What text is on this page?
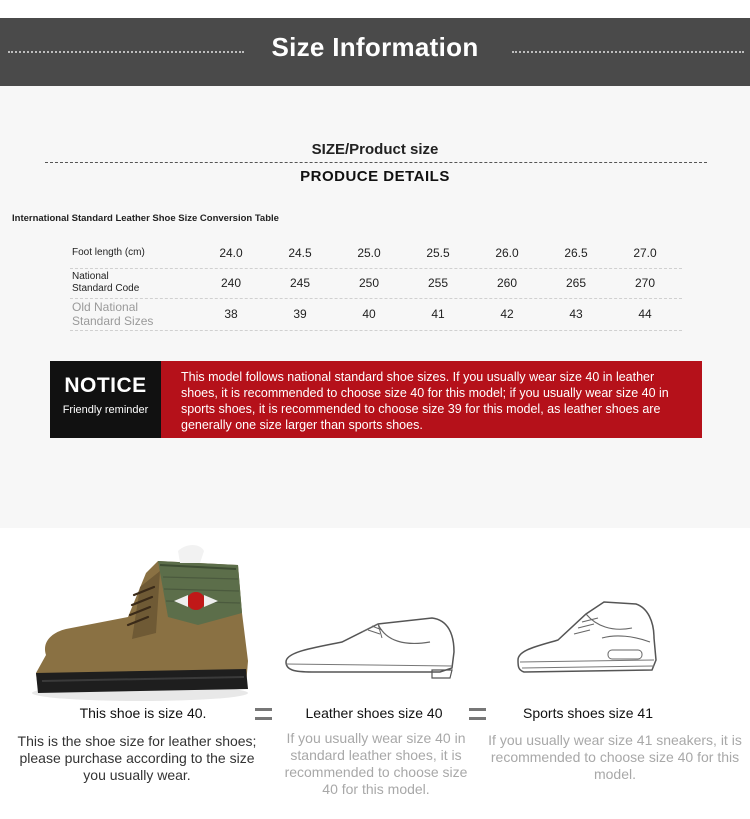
Size Information
SIZE/Product size
PRODUCE DETAILS
International Standard Leather Shoe Size Conversion Table
Foot length (cm)	24.0	24.5	25.0	25.5	26.0	26.5	27.0
National
Standard Code	240	245	250	255	260	265	270
Old National
Standard Sizes	38	39	40	41	42	43	44
NOTICE
Friendly reminder
This model follows national standard shoe sizes. If you usually wear size 40 in leather shoes, it is recommended to choose size 40 for this model; if you usually wear size 40 in sports shoes, it is recommended to choose size 39 for this model, as leather shoes are generally one size larger than sports shoes.
This shoe is size 40.	Leather shoes size 40	Sports shoes size 41
This is the shoe size for leather shoes; please purchase according to the size you usually wear.
If you usually wear size 40 in standard leather shoes, it is recommended to choose size 40 for this model.
If you usually wear size 41 sneakers, it is recommended to choose size 40 for this model.
